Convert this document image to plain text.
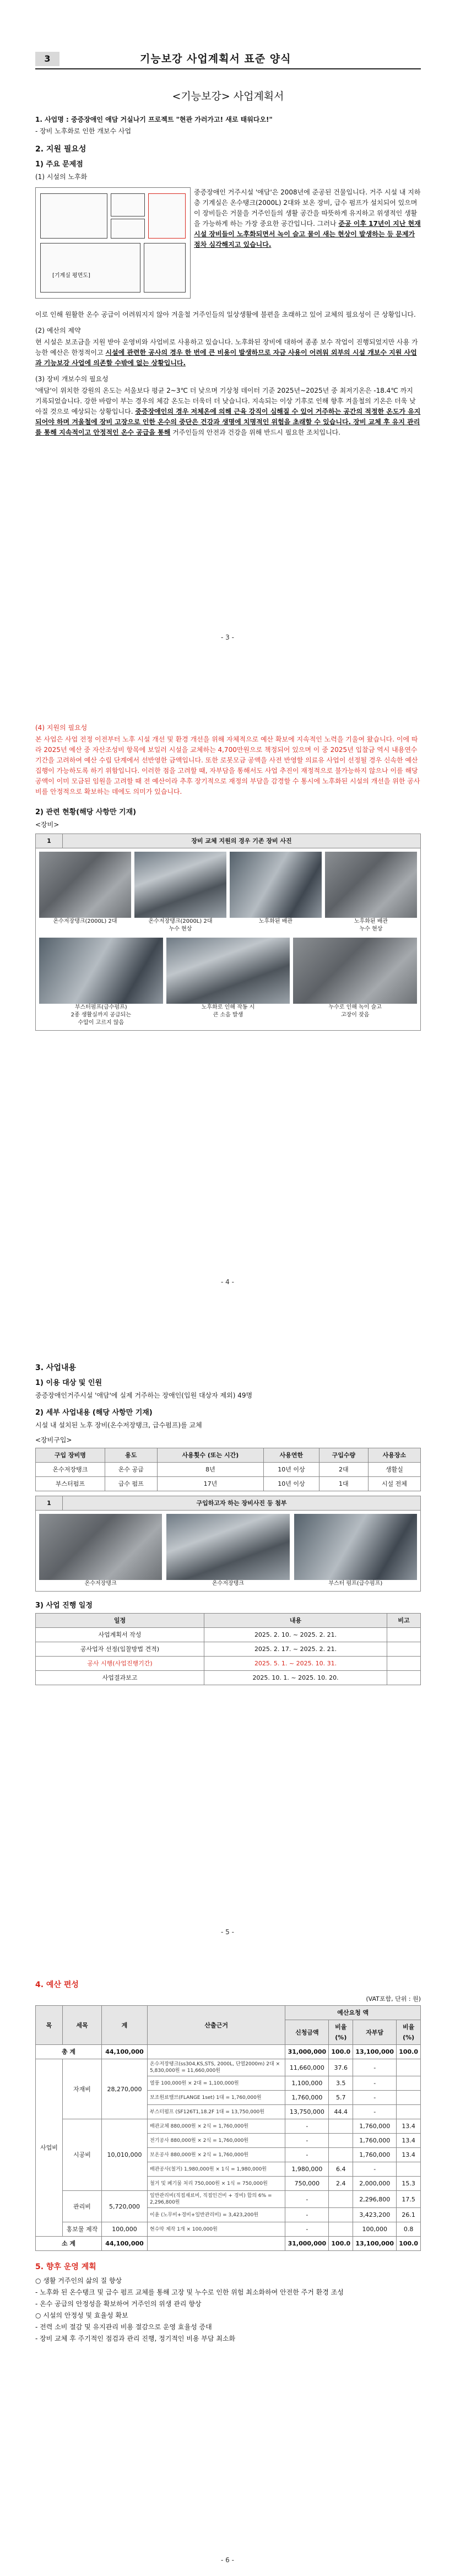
3	기능보강 사업계획서 표준 양식
<기능보강> 사업계획서

1. 사업명 : 중증장애인 애담 거실나기 프로젝트 "현관 가러가고! 새로 태워다오!"

- 장비 노후화로 인한 개보수 사업

2. 지원 필요성
1) 주요 문제점

(1) 시설의 노후화

[기계실 평면도]
중증장애인 거주시설 '애담'은 2008년에 준공된 건물입니다. 거주 시설 내 지하층 기계실은 온수탱크(2000L) 2대와 보온 장비, 급수 펌프가 설치되어 있으며 이 장비들은 거물을 거주인들의 생활 공간을 따뜻하게 유지하고 위생적인 생활을 가능하게 하는 가장 중요한 공간입니다. 그러나 준공 이후 17년이 지난 현재 시설 장비들이 노후화되면서 녹이 슬고 물이 새는 현상이 발생하는 등 문제가 점차 심각해지고 있습니다.

이로 인해 원활한 온수 공급이 어려워지지 않아 겨울철 거주인들의 일상생활에 불편을 초래하고 있어 교체의 필요성이 큰 상황입니다.

(2) 예산의 제약

현 시설은 보조금을 지원 받아 운영비와 사업비로 사용하고 있습니다. 노후화된 장비에 대하여 종종 보수 작업이 진행되었지만 사용 가능한 예산은 한정적이고 시설에 관련한 공사의 경우 한 번에 큰 비용이 발생하므로 자금 사용이 어려워 외부의 시설 개보수 지원 사업과 기능보강 사업에 의존할 수밖에 없는 상황입니다.

(3) 장비 개보수의 필요성

'애담'이 위치한 강원의 온도는 서울보다 평균 2~3℃ 더 낮으며 기상청 데이터 기준 2025년~2025년 중 최저기온은 -18.4℃ 까지 기록되었습니다. 강한 바람이 부는 경우의 체감 온도는 더욱더 더 낮습니다. 지속되는 이상 기후로 인해 향후 겨울철의 기온은 더욱 낮아질 것으로 예상되는 상황입니다. 중증장애인의 경우 저체온에 의해 근육 강직이 심해질 수 있어 거주하는 공간의 적정한 온도가 유지되어야 하며 겨울철에 장비 고장으로 인한 온수의 중단은 건강과 생명에 치명적인 위험을 초래할 수 있습니다. 장비 교체 후 유지 관리를 통해 지속적이고 안정적인 온수 공급을 통해 거주인들의 안전과 건강을 위해 반드시 필요한 조치입니다.

- 3 -

(4) 지원의 필요성

본 사업은 사업 전정 이전부터 노후 시설 개선 및 환경 개선을 위해 자체적으로 예산 확보에 지속적인 노력을 기울여 왔습니다. 이에 따라 2025년 예산 중 자산조성비 항목에 보일러 시설을 교체하는 4,700만원으로 책정되어 있으며 이 중 2025년 입찰금 역시 내용연수 기간을 고려하여 예산 수립 단계에서 선반영한 금액입니다. 또한 로봇모금 공액을 사전 반영할 의료유 사업이 선정될 경우 신속한 예산 집행이 가능하도록 하기 위함입니다. 이러한 점을 고려할 때, 자부담을 통해서도 사업 추진이 재정적으로 불가능하지 않으나 이를 해당 공액이 이미 모금된 임원을 고려할 때 전 예산이라 추후 장기적으로 재정의 부담을 감경할 수 통시에 노후화된 시설의 개선을 위한 공사비를 안정적으로 확보하는 데에도 의미가 있습니다.

2) 관련 현황(해당 사항만 기재)

<장비>

1	장비 교체 지원의 경우 기존 장비 사진

온수저장탱크(2000L) 2대	온수저장탱크(2000L) 2대
누수 현상
노후화된 배관	노후화된 배관
누수 현상
부스터펌프(급수펌프)
2종 생활실까지 공급되는
수압이 고르지 않음
노후화로 인해 작동 시
큰 소음 발생
누수로 인해 녹이 슬고
고장이 잦음
- 4 -
3. 사업내용
1) 이용 대상 및 인원

중증장애인거주시설 '애담'에 실제 거주하는 장애인(입원 대상자 제외) 49명

2) 세부 사업내용 (해당 사항만 기재)

시설 내 설치된 노후 장비(온수저장탱크, 급수펌프)를 교체

<장비구입>

구입 장비명	용도	사용횟수 (또는 시간)	사용연한	구입수량	사용장소
온수저장탱크	온수 공급	8년	10년 이상	2대	생활실
부스터펌프	급수 펌프	17년	10년 이상	1대	시설 전체
1	구입하고자 하는 장비사진 등 첨부

온수저장탱크	온수저장탱크	부스터 펌프(급수펌프)
3) 사업 진행 일정
일정	내용	비고
사업계획서 작성	2025. 2. 10. ~ 2025. 2. 21.	
공사업자 선정(입찰방법 견적)	2025. 2. 17. ~ 2025. 2. 21.	
공사 시행(사업진행기간)	2025. 5. 1. ~ 2025. 10. 31.	
사업결과보고	2025. 10. 1. ~ 2025. 10. 20.	
- 5 -
4. 예산 편성

(VAT포함, 단위 : 원)

목	세목	계	산출근거	예산요청 액			
				신청금액	비율 (%)	자부담	비율 (%)
총 계		44,100,000		31,000,000	100.0	13,100,000	100.0
사업비	자재비	28,270,000	온수저장탱크(ss304,KS,STS, 2000L, 단열2000m) 2대 × 5,830,000원 = 11,660,000원	11,660,000	37.6	-	
			열풍 100,000원 × 2대 = 1,100,000원	1,100,000	3.5	-	
			보조원료밸브(FLANGE 1set) 1대 = 1,760,000원	1,760,000	5.7	-	
			부스터펌프 (SF126T1,18.2F 1대 = 13,750,000원	13,750,000	44.4	-	
	시공비	10,010,000	배관교체 880,000원 × 2식 = 1,760,000원	-		1,760,000	13.4
			전기공사 880,000원 × 2식 = 1,760,000원	-		1,760,000	13.4
			보온공사 880,000원 × 2식 = 1,760,000원	-		1,760,000	13.4
			배관공사(철거) 1,980,000원 × 1식 = 1,980,000원	1,980,000	6.4	-	
			철거 및 폐기물 처리 750,000원 × 1식 = 750,000원	750,000	2.4	2,000,000	15.3
	관리비	5,720,000	일반관리비(직접재료비, 직접인건비 + 경비) 합의 6% = 2,296,800원	-		2,296,800	17.5
			이윤 (노무비+경비+일반관리비) = 3,423,200원	-		3,423,200	26.1
	홍보물 제작	100,000	현수막 제작 1개 × 100,000원	-		100,000	0.8
소 계		44,100,000		31,000,000	100.0	13,100,000	100.0
5. 향후 운영 계획

○ 생활 거주인의 삶의 질 향상

- 노후화 된 온수탱크 및 급수 펌프 교체를 통해 고장 및 누수로 인한 위험 최소화하여 안전한 주거 환경 조성

- 온수 공급의 안정성을 확보하여 거주인의 위생 관리 향상

○ 시설의 안정성 및 효율성 확보

- 전력 소비 절감 및 유지관리 비용 절감으로 운영 효율성 증대

- 장비 교체 후 주기적인 점검과 관리 진행, 정기적인 비용 부담 최소화

- 6 -
